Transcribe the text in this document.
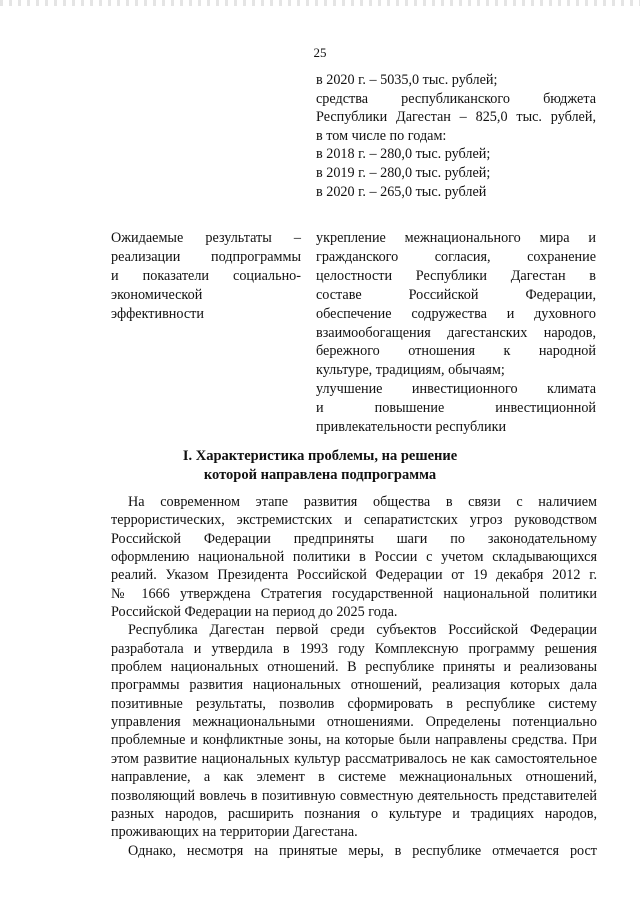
25
в 2020 г. – 5035,0 тыс. рублей;
средства республиканского бюджета
Республики Дагестан – 825,0 тыс. рублей,
в том числе по годам:
в 2018 г. – 280,0 тыс. рублей;
в 2019 г. – 280,0 тыс. рублей;
в 2020 г. – 265,0 тыс. рублей
Ожидаемые результаты –
реализации подпрограммы
и показатели социально-
экономической
эффективности
укрепление межнационального мира и
гражданского согласия, сохранение
целостности Республики Дагестан в
составе Российской Федерации,
обеспечение содружества и духовного
взаимообогащения дагестанских народов,
бережного отношения к народной
культуре, традициям, обычаям;
улучшение инвестиционного климата
и повышение инвестиционной
привлекательности республики
I. Характеристика проблемы, на решение
которой направлена подпрограмма
На современном этапе развития общества в связи с наличием
террористических, экстремистских и сепаратистских угроз руководством
Российской Федерации предприняты шаги по законодательному
оформлению национальной политики в России с учетом складывающихся
реалий. Указом Президента Российской Федерации от 19 декабря 2012 г.
№ 1666 утверждена Стратегия государственной национальной политики
Российской Федерации на период до 2025 года.
Республика Дагестан первой среди субъектов Российской Федерации
разработала и утвердила в 1993 году Комплексную программу решения
проблем национальных отношений. В республике приняты и реализованы
программы развития национальных отношений, реализация которых дала
позитивные результаты, позволив сформировать в республике систему
управления межнациональными отношениями. Определены потенциально
проблемные и конфликтные зоны, на которые были направлены средства. При
этом развитие национальных культур рассматривалось не как самостоятельное
направление, а как элемент в системе межнациональных отношений,
позволяющий вовлечь в позитивную совместную деятельность представителей
разных народов, расширить познания о культуре и традициях народов,
проживающих на территории Дагестана.
Однако, несмотря на принятые меры, в республике отмечается рост
